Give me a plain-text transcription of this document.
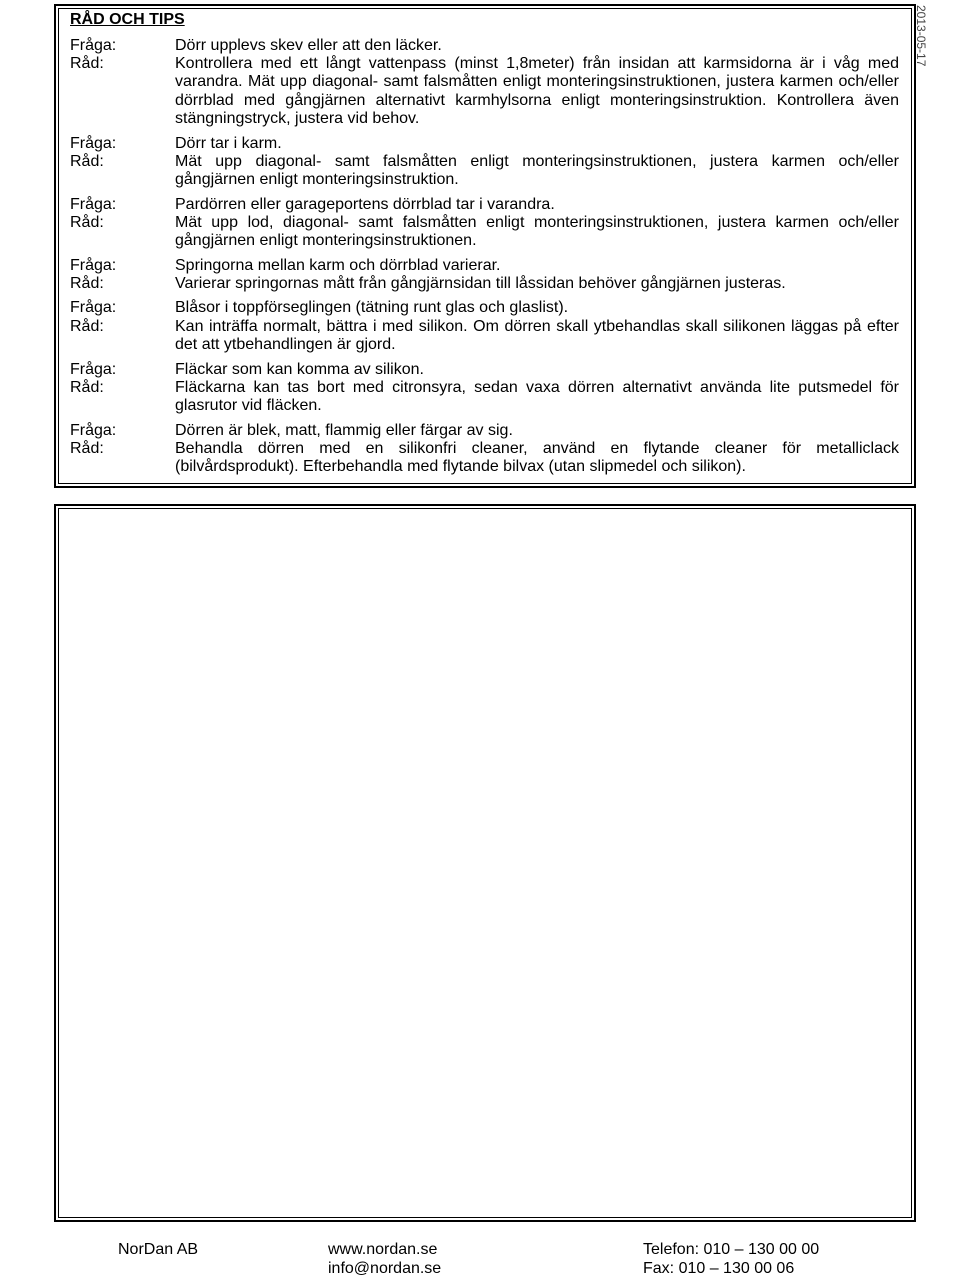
RÅD OCH TIPS
Fråga:	Dörr upplevs skev eller att den läcker.
Råd:	Kontrollera med ett långt vattenpass (minst 1,8meter) från insidan att karmsidorna är i våg med
varandra. Mät upp diagonal- samt falsmåtten enligt monteringsinstruktionen, justera karmen och/eller
dörrblad med gångjärnen alternativt karmhylsorna enligt monteringsinstruktion. Kontrollera även
stängningstryck, justera vid behov.
Fråga:	Dörr tar i karm.
Råd:	Mät upp diagonal- samt falsmåtten enligt monteringsinstruktionen, justera karmen och/eller
gångjärnen enligt monteringsinstruktion.
Fråga:	Pardörren eller garageportens dörrblad tar i varandra.
Råd:	Mät upp lod, diagonal- samt falsmåtten enligt monteringsinstruktionen, justera karmen och/eller
gångjärnen enligt monteringsinstruktionen.
Fråga:	Springorna mellan karm och dörrblad varierar.
Råd:	Varierar springornas mått från gångjärnsidan till låssidan behöver gångjärnen justeras.
Fråga:	Blåsor i toppförseglingen (tätning runt glas och glaslist).
Råd:	Kan inträffa normalt, bättra i med silikon. Om dörren skall ytbehandlas skall silikonen läggas på efter
det att ytbehandlingen är gjord.
Fråga:	Fläckar som kan komma av silikon.
Råd:	Fläckarna kan tas bort med citronsyra, sedan vaxa dörren alternativt använda lite putsmedel för
glasrutor vid fläcken.
Fråga:	Dörren är blek, matt, flammig eller färgar av sig.
Råd:	Behandla dörren med en silikonfri cleaner, använd en flytande cleaner för metalliclack
(bilvårdsprodukt). Efterbehandla med flytande bilvax (utan slipmedel och silikon).
2013-05-17
NorDan AB	www.nordan.se
info@nordan.se
Telefon: 010 – 130 00 00
Fax: 010 – 130 00 06
